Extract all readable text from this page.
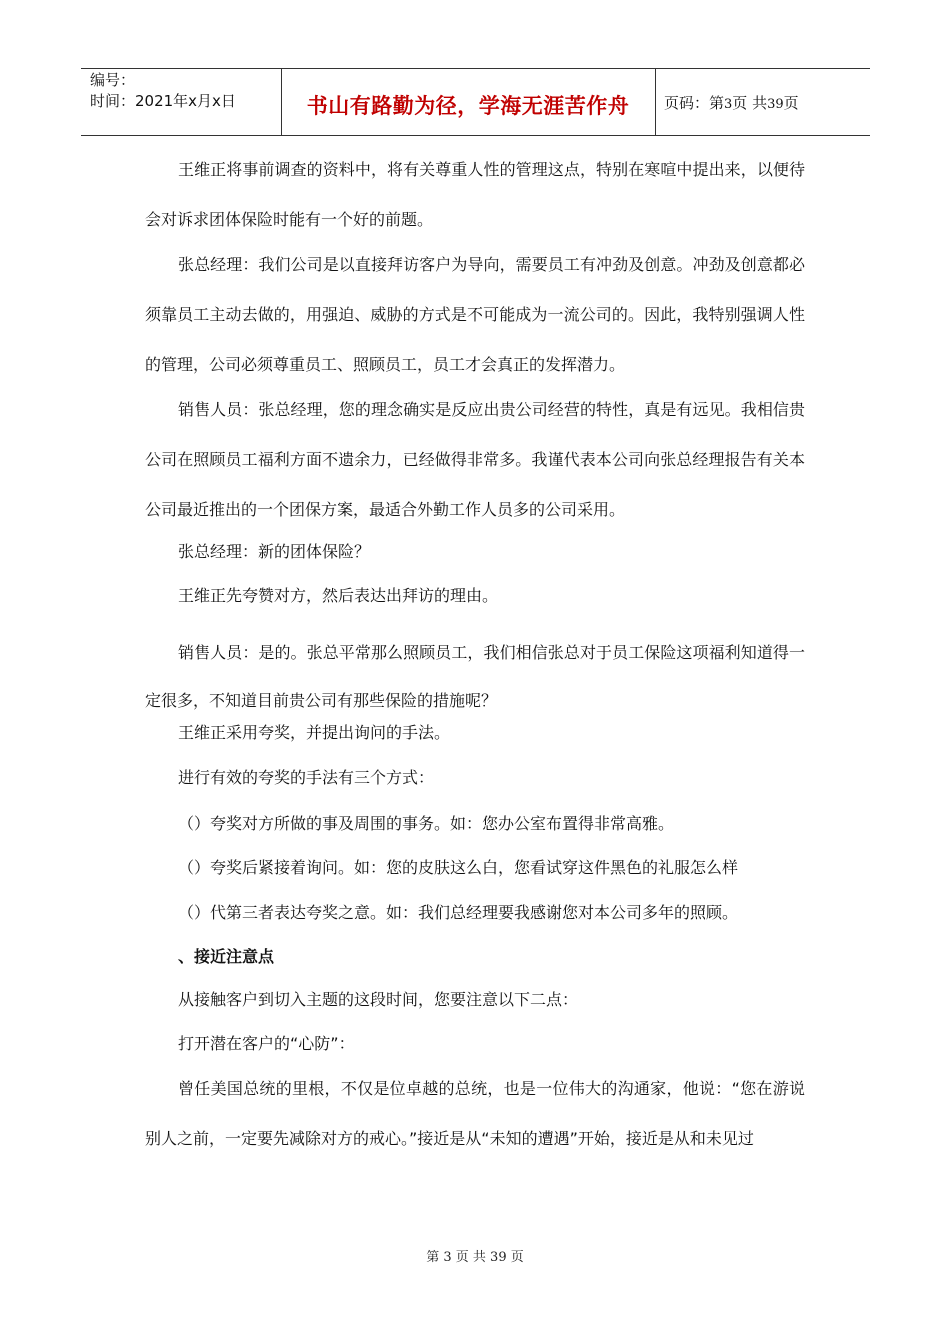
编号：
时间：2021年x月x日	书山有路勤为径，学海无涯苦作舟	页码：第3页 共39页

王维正将事前调查的资料中，将有关尊重人性的管理这点，特别在寒喧中提出来，以便待会对诉求团体保险时能有一个好的前题。

张总经理：我们公司是以直接拜访客户为导向，需要员工有冲劲及创意。冲劲及创意都必须靠员工主动去做的，用强迫、威胁的方式是不可能成为一流公司的。因此，我特别强调人性的管理，公司必须尊重员工、照顾员工，员工才会真正的发挥潜力。

销售人员：张总经理，您的理念确实是反应出贵公司经营的特性，真是有远见。我相信贵公司在照顾员工福利方面不遗余力，已经做得非常多。我谨代表本公司向张总经理报告有关本公司最近推出的一个团保方案，最适合外勤工作人员多的公司采用。

张总经理：新的团体保险？

王维正先夸赞对方，然后表达出拜访的理由。

销售人员：是的。张总平常那么照顾员工，我们相信张总对于员工保险这项福利知道得一定很多，不知道目前贵公司有那些保险的措施呢？

王维正采用夸奖，并提出询问的手法。

进行有效的夸奖的手法有三个方式：

（）夸奖对方所做的事及周围的事务。如：您办公室布置得非常高雅。
（）夸奖后紧接着询问。如：您的皮肤这么白，您看试穿这件黑色的礼服怎么样
（）代第三者表达夸奖之意。如：我们总经理要我感谢您对本公司多年的照顾。
、接近注意点

从接触客户到切入主题的这段时间，您要注意以下二点：

打开潜在客户的“心防”：

曾任美国总统的里根，不仅是位卓越的总统，也是一位伟大的沟通家，他说：“您在游说别人之前，一定要先减除对方的戒心。”接近是从“未知的遭遇”开始，接近是从和未见过

第 3 页 共 39 页
